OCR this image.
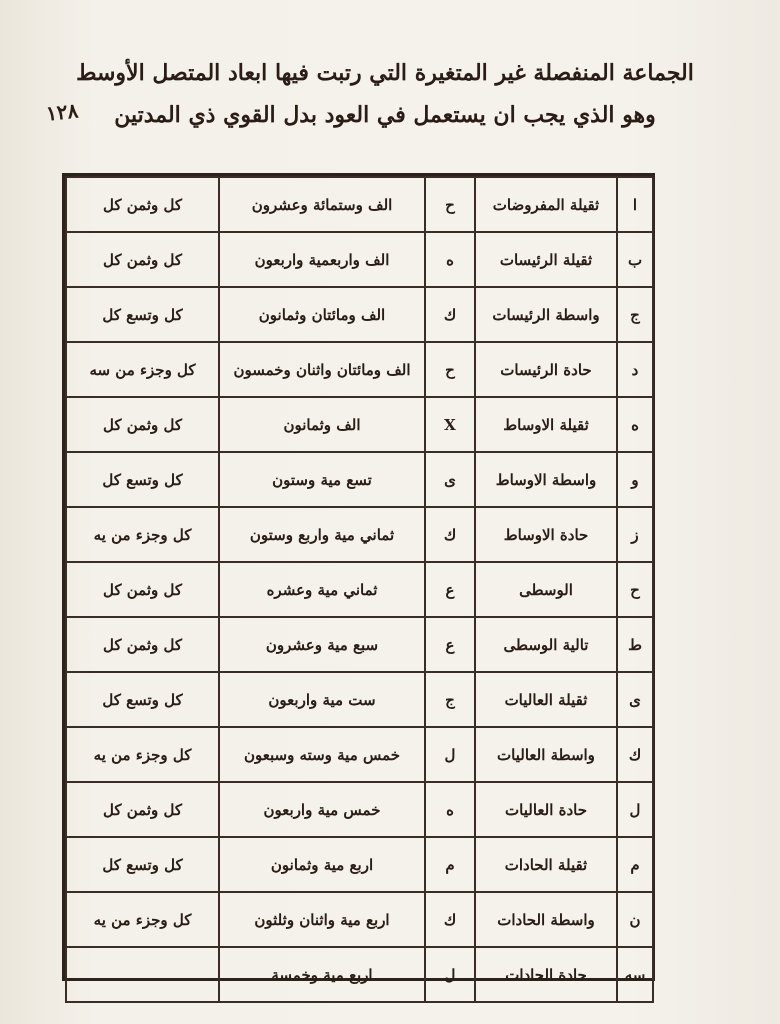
الجماعة المنفصلة غير المتغيرة التي رتبت فيها ابعاد المتصل الأوسط
وهو الذي يجب ان يستعمل في العود بدل القوي ذي المدتين
١٢٨
ا	ثقيلة المفروضات	ح	الف وستمائة وعشرون	كل وثمن كل
ب	ثقيلة الرئيسات	ه	الف واربعمية واربعون	كل وثمن كل
ج	واسطة الرئيسات	ك	الف ومائتان وثمانون	كل وتسع كل
د	حادة الرئيسات	ح	الف ومائتان واثنان وخمسون	كل وجزء من سه
ه	ثقيلة الاوساط	X	الف وثمانون	كل وثمن كل
و	واسطة الاوساط	ى	تسع مية وستون	كل وتسع كل
ز	حادة الاوساط	ك	ثماني مية واربع وستون	كل وجزء من يه
ح	الوسطى	ع	ثماني مية وعشره	كل وثمن كل
ط	تالية الوسطى	ع	سبع مية وعشرون	كل وثمن كل
ى	ثقيلة العاليات	ج	ست مية واربعون	كل وتسع كل
ك	واسطة العاليات	ل	خمس مية وسته وسبعون	كل وجزء من يه
ل	حادة العاليات	ه	خمس مية واربعون	كل وثمن كل
م	ثقيلة الحادات	م	اربع مية وثمانون	كل وتسع كل
ن	واسطة الحادات	ك	اربع مية واثنان وثلثون	كل وجزء من يه
سه	حادة الحادات	ل	اربع مية وخمسة	
